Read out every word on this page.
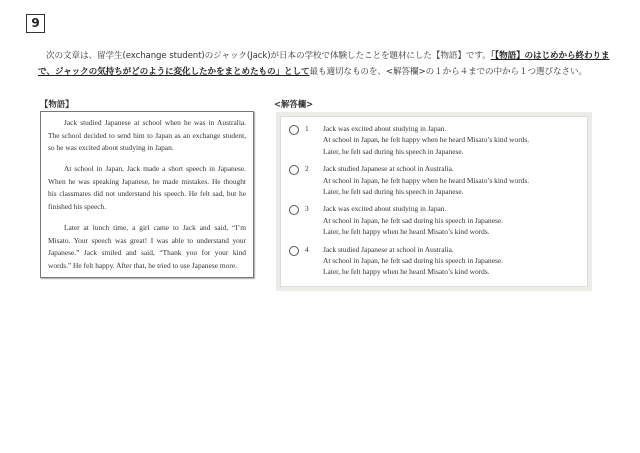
9
次の文章は、留学生(exchange student)のジャック(Jack)が日本の学校で体験したことを題材にした【物語】です。「【物語】のはじめから終わりまで、ジャックの気持ちがどのように変化したかをまとめたもの」として最も適切なものを、<解答欄>の１から４までの中から１つ選びなさい。
【物語】

Jack studied Japanese at school when he was in Australia. The school decided to send him to Japan as an exchange student, so he was excited about studying in Japan.

At school in Japan, Jack made a short speech in Japanese. When he was speaking Japanese, he made mistakes. He thought his classmates did not understand his speech. He felt sad, but he finished his speech.

Later at lunch time, a girl came to Jack and said, “I’m Misato. Your speech was great! I was able to understand your Japanese.” Jack smiled and said, “Thank you for your kind words.” He felt happy. After that, he tried to use Japanese more.

<解答欄>
1	Jack was excited about studying in Japan.
At school in Japan, he felt happy when he heard Misato’s kind words.
Later, he felt sad during his speech in Japanese.
2	Jack studied Japanese at school in Australia.
At school in Japan, he felt happy when he heard Misato’s kind words.
Later, he felt sad during his speech in Japanese.
3	Jack was excited about studying in Japan.
At school in Japan, he felt sad during his speech in Japanese.
Later, he felt happy when he heard Misato’s kind words.
4	Jack studied Japanese at school in Australia.
At school in Japan, he felt sad during his speech in Japanese.
Later, he felt happy when he heard Misato’s kind words.
